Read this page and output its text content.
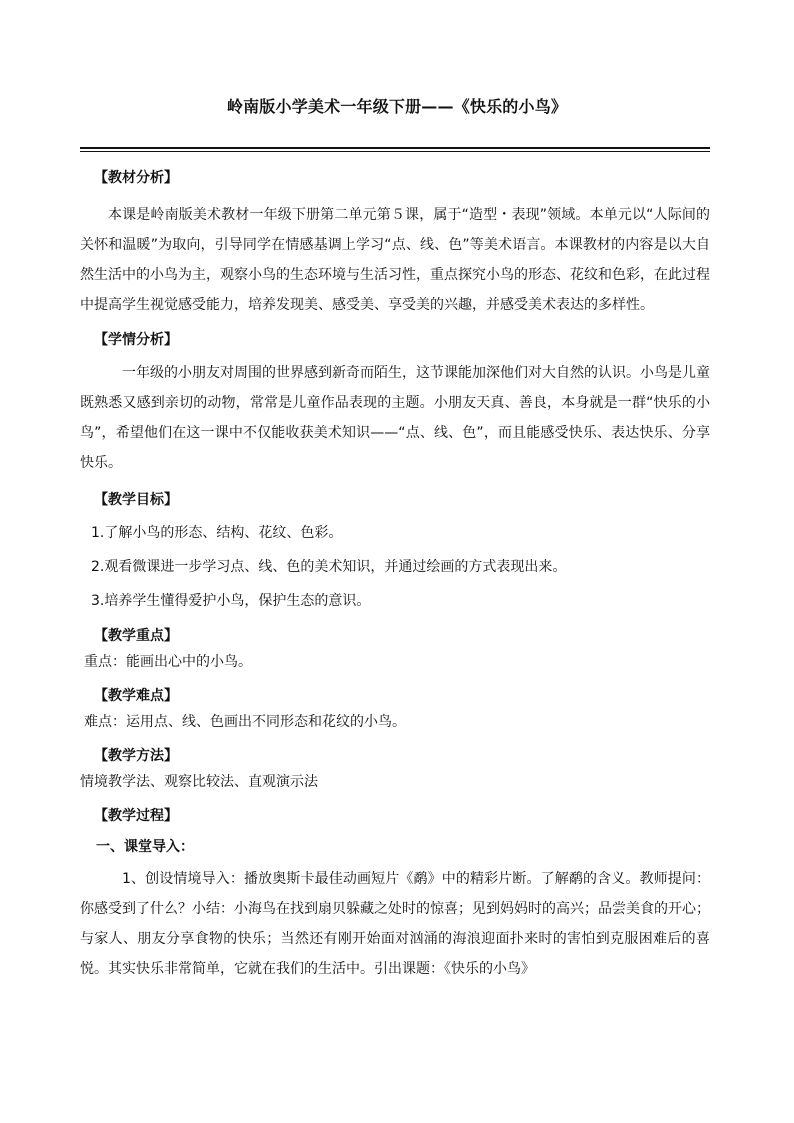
岭南版小学美术一年级下册——《快乐的小鸟》
【教材分析】
本课是岭南版美术教材一年级下册第二单元第５课，属于“造型・表现”领域。本单元以“人际间的关怀和温暖”为取向，引导同学在情感基调上学习“点、线、色”等美术语言。本课教材的内容是以大自然生活中的小鸟为主，观察小鸟的生态环境与生活习性，重点探究小鸟的形态、花纹和色彩，在此过程中提高学生视觉感受能力，培养发现美、感受美、享受美的兴趣，并感受美术表达的多样性。
【学情分析】
一年级的小朋友对周围的世界感到新奇而陌生，这节课能加深他们对大自然的认识。小鸟是儿童既熟悉又感到亲切的动物，常常是儿童作品表现的主题。小朋友天真、善良，本身就是一群“快乐的小鸟”，希望他们在这一课中不仅能收获美术知识——“点、线、色”，而且能感受快乐、表达快乐、分享快乐。
【教学目标】
1.了解小鸟的形态、结构、花纹、色彩。
2.观看微课进一步学习点、线、色的美术知识，并通过绘画的方式表现出来。
3.培养学生懂得爱护小鸟，保护生态的意识。
【教学重点】
重点：能画出心中的小鸟。
【教学难点】
难点：运用点、线、色画出不同形态和花纹的小鸟。
【教学方法】
情境教学法、观察比较法、直观演示法
【教学过程】
一、课堂导入：
1、创设情境导入：播放奥斯卡最佳动画短片《鹬》中的精彩片断。了解鹬的含义。教师提问：你感受到了什么？小结：小海鸟在找到扇贝躲藏之处时的惊喜；见到妈妈时的高兴；品尝美食的开心；与家人、朋友分享食物的快乐；当然还有刚开始面对汹涌的海浪迎面扑来时的害怕到克服困难后的喜悦。其实快乐非常简单，它就在我们的生活中。引出课题：《快乐的小鸟》
